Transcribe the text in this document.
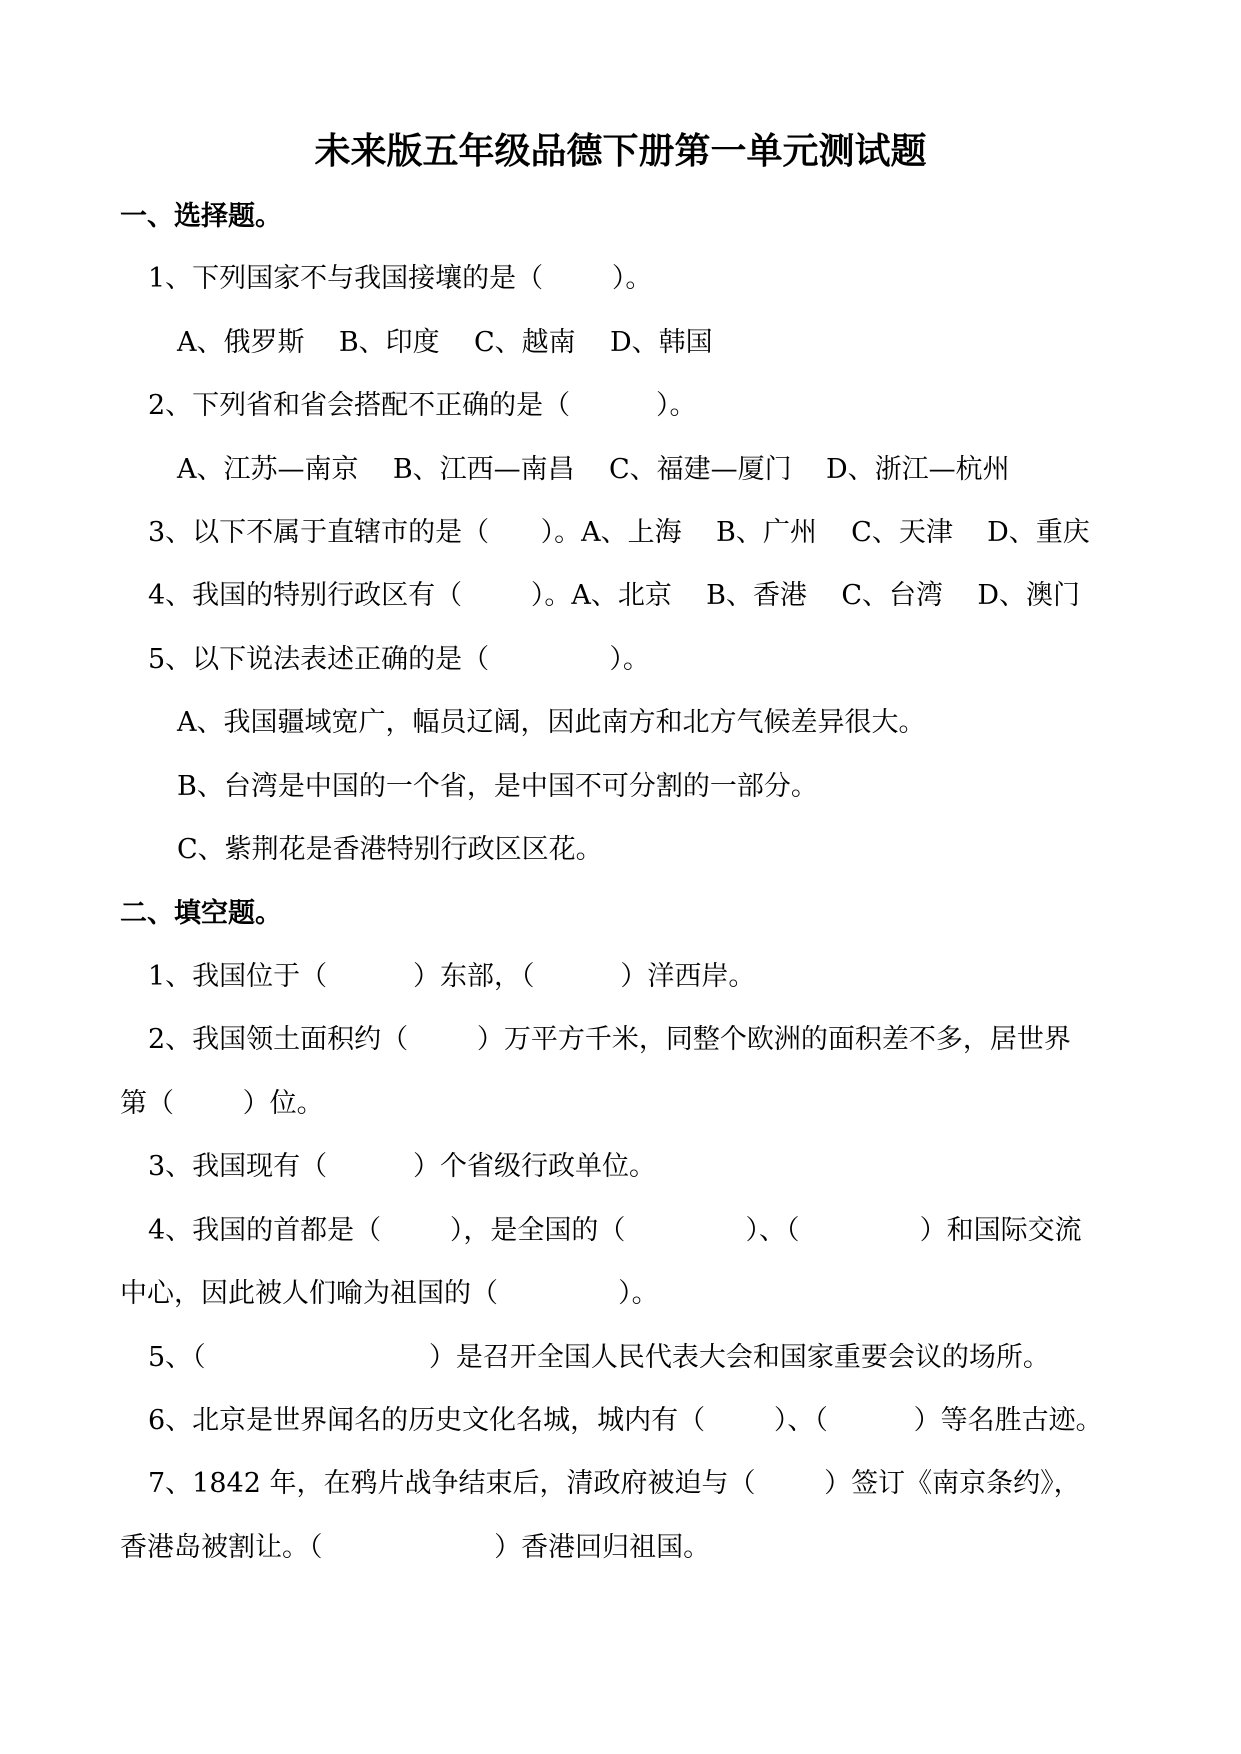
未来版五年级品德下册第一单元测试题
一、选择题。
1、下列国家不与我国接壤的是（        ）。
A、俄罗斯    B、印度    C、越南    D、韩国
2、下列省和省会搭配不正确的是（          ）。
A、江苏—南京    B、江西—南昌    C、福建—厦门    D、浙江—杭州
3、以下不属于直辖市的是（      ）。A、上海    B、广州    C、天津    D、重庆
4、我国的特别行政区有（        ）。A、北京    B、香港    C、台湾    D、澳门
5、以下说法表述正确的是（              ）。
A、我国疆域宽广，幅员辽阔，因此南方和北方气候差异很大。
B、台湾是中国的一个省，是中国不可分割的一部分。
C、紫荆花是香港特别行政区区花。
二、填空题。
1、我国位于（          ）东部，（          ）洋西岸。
2、我国领土面积约（        ）万平方千米，同整个欧洲的面积差不多，居世界
第（        ）位。
3、我国现有（          ）个省级行政单位。
4、我国的首都是（        ），是全国的（              ）、（              ）和国际交流
中心，因此被人们喻为祖国的（              ）。
5、（                          ）是召开全国人民代表大会和国家重要会议的场所。
6、北京是世界闻名的历史文化名城，城内有（        ）、（          ）等名胜古迹。
7、1842 年，在鸦片战争结束后，清政府被迫与（        ）签订《南京条约》，
香港岛被割让。（                    ）香港回归祖国。
